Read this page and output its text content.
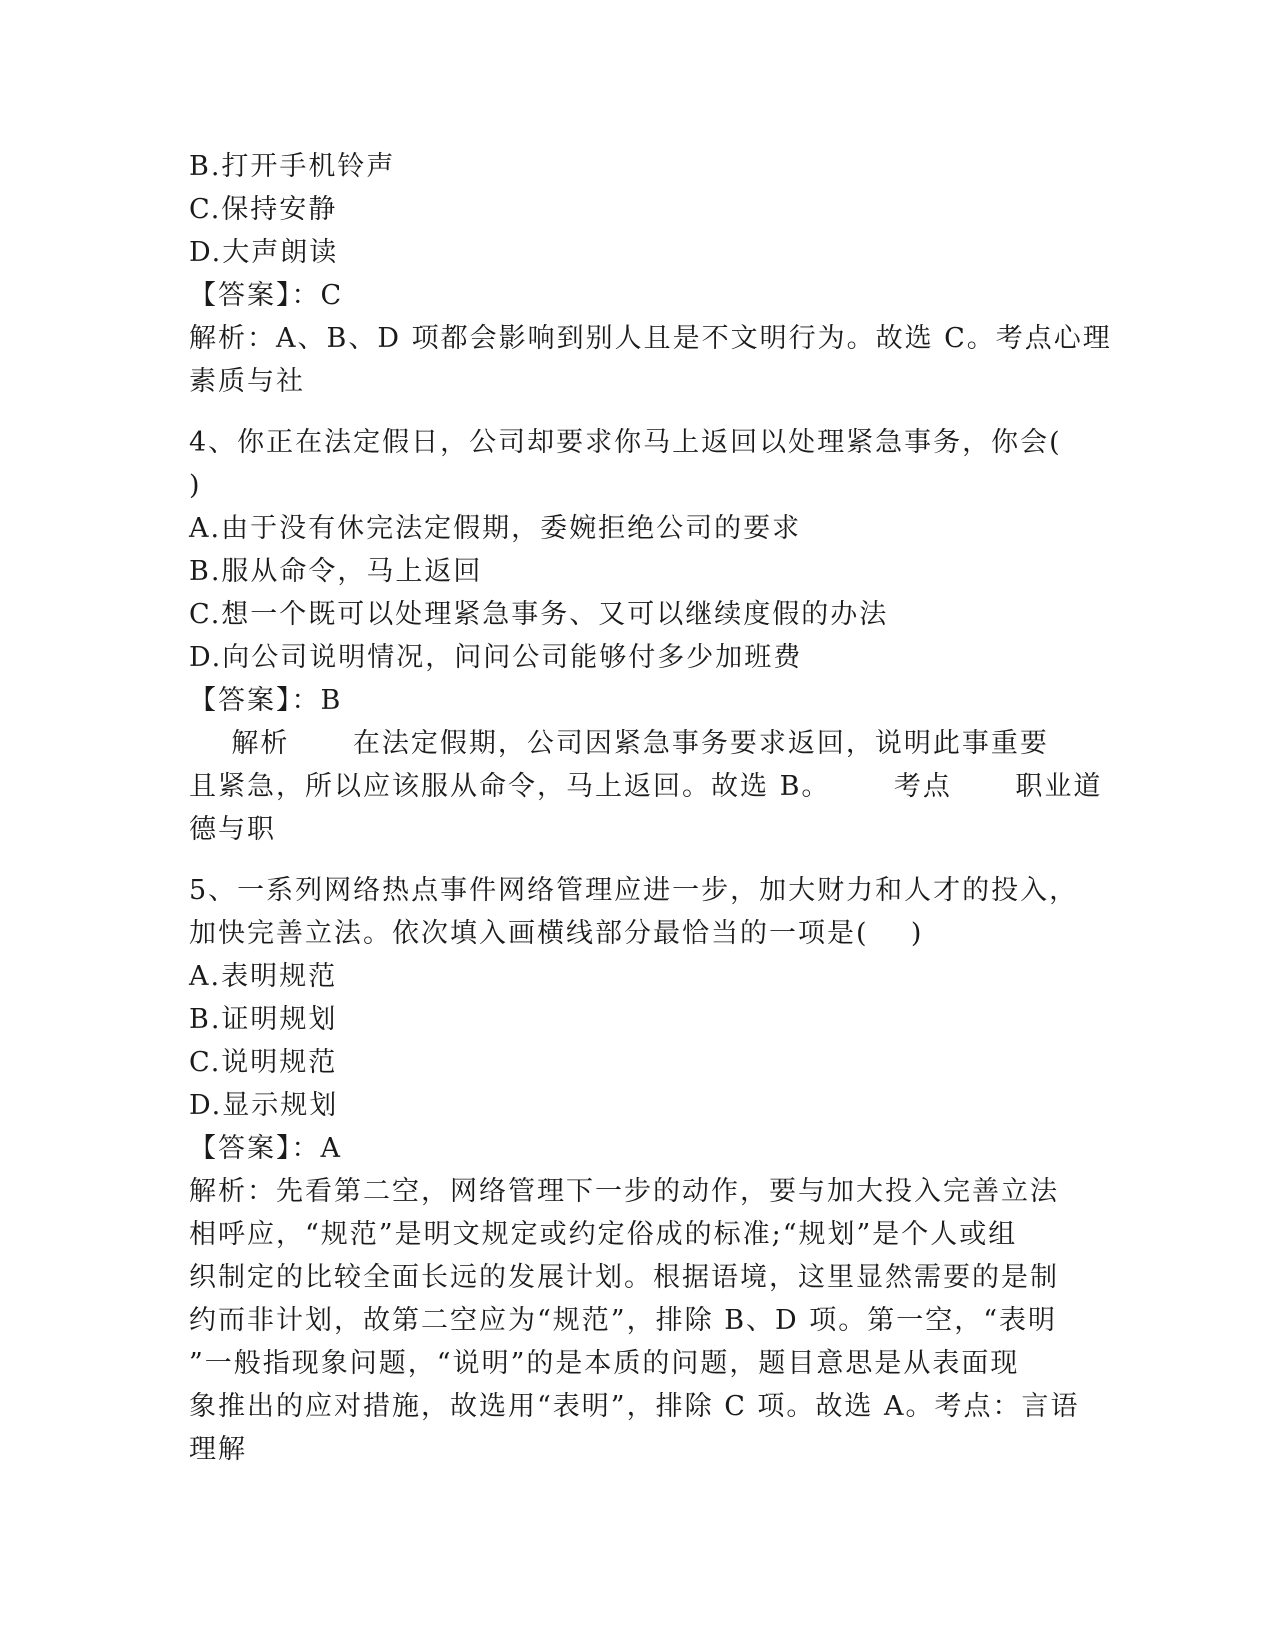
B.打开手机铃声
C.保持安静
D.大声朗读
【答案】：C
解析：A、B、D 项都会影响到别人且是不文明行为。故选 C。考点心理
素质与社
4、你正在法定假日，公司却要求你马上返回以处理紧急事务，你会(
)
A.由于没有休完法定假期，委婉拒绝公司的要求
B.服从命令，马上返回
C.想一个既可以处理紧急事务、又可以继续度假的办法
D.向公司说明情况，问问公司能够付多少加班费
【答案】：B
解析      在法定假期，公司因紧急事务要求返回，说明此事重要
且紧急，所以应该服从命令，马上返回。故选 B。      考点      职业道
德与职
5、一系列网络热点事件网络管理应进一步，加大财力和人才的投入，
加快完善立法。依次填入画横线部分最恰当的一项是(    )
A.表明规范
B.证明规划
C.说明规范
D.显示规划
【答案】：A
解析：先看第二空，网络管理下一步的动作，要与加大投入完善立法
相呼应，“规范”是明文规定或约定俗成的标准;“规划”是个人或组
织制定的比较全面长远的发展计划。根据语境，这里显然需要的是制
约而非计划，故第二空应为“规范”，排除 B、D 项。第一空，“表明
”一般指现象问题，“说明”的是本质的问题，题目意思是从表面现
象推出的应对措施，故选用“表明”，排除 C 项。故选 A。考点：言语
理解
